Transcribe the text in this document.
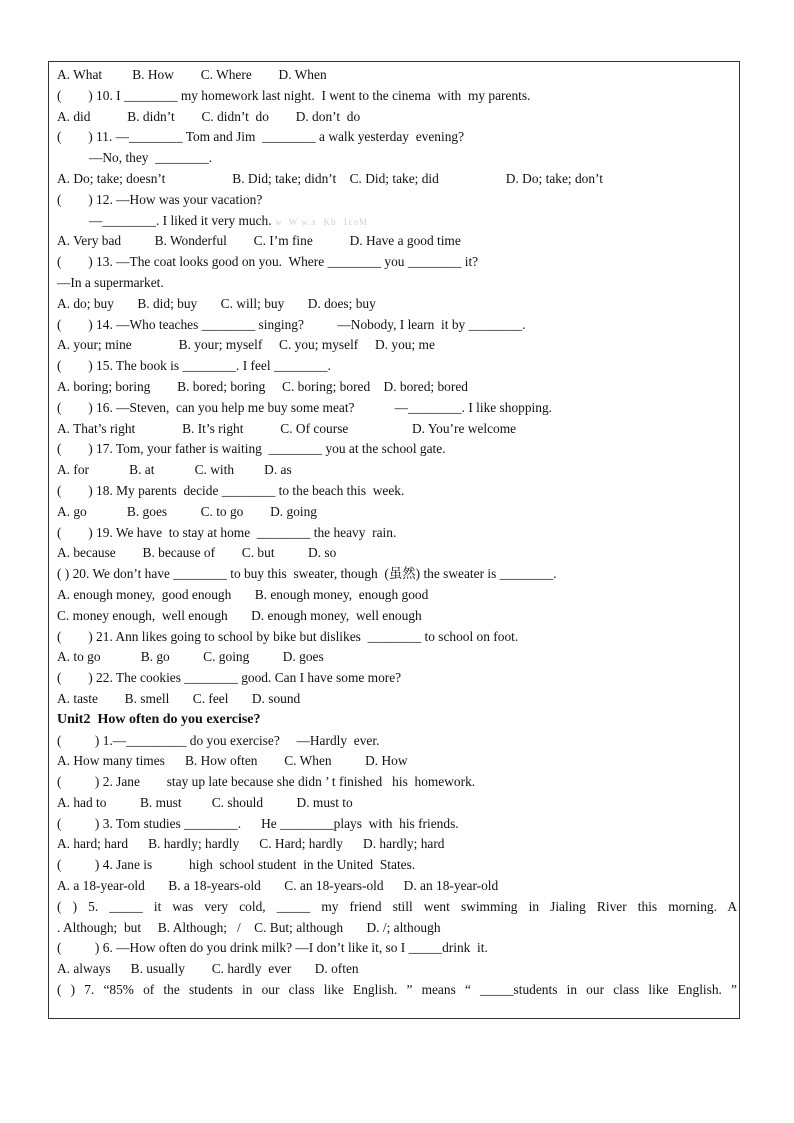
A. What         B. How        C. Where        D. When
(        ) 10. I ________ my homework last night.  I went to the cinema  with  my parents.
A. did           B. didn’t        C. didn’t  do        D. don’t  do
(        ) 11. —________ Tom and Jim  ________ a walk yesterday  evening?
—No, they  ________.
A. Do; take; doesn’t                    B. Did; take; didn’t    C. Did; take; did                    D. Do; take; don’t
(        ) 12. —How was your vacation?
—________. I liked it very much. w  W w.x  Kb  1coM
A. Very bad          B. Wonderful        C. I’m fine           D. Have a good time
(        ) 13. —The coat looks good on you.  Where ________ you ________ it?
—In a supermarket.
A. do; buy       B. did; buy       C. will; buy       D. does; buy
(        ) 14. —Who teaches ________ singing?          —Nobody, I learn  it by ________.
A. your; mine              B. your; myself     C. you; myself     D. you; me
(        ) 15. The book is ________. I feel ________.
A. boring; boring        B. bored; boring     C. boring; bored    D. bored; bored
(        ) 16. —Steven,  can you help me buy some meat?            —________. I like shopping.
A. That’s right              B. It’s right           C. Of course                   D. You’re welcome
(        ) 17. Tom, your father is waiting  ________ you at the school gate.
A. for            B. at            C. with         D. as
(        ) 18. My parents  decide ________ to the beach this  week.
A. go            B. goes          C. to go        D. going
(        ) 19. We have  to stay at home  ________ the heavy  rain.
A. because        B. because of        C. but          D. so
( ) 20. We don’t have ________ to buy this  sweater, though  (虽然) the sweater is ________.
A. enough money,  good enough       B. enough money,  enough good
C. money enough,  well enough       D. enough money,  well enough
(        ) 21. Ann likes going to school by bike but dislikes  ________ to school on foot.
A. to go            B. go          C. going          D. goes
(        ) 22. The cookies ________ good. Can I have some more?
A. taste        B. smell       C. feel       D. sound
Unit2  How often do you exercise?
(          ) 1.—_________ do you exercise?     —Hardly  ever.
A. How many times      B. How often        C. When          D. How
(          ) 2. Jane        stay up late because she didn ’ t finished   his  homework.
A. had to          B. must         C. should          D. must to
(          ) 3. Tom studies ________.      He ________plays  with  his friends.
A. hard; hard      B. hardly; hardly      C. Hard; hardly      D. hardly; hard
(          ) 4. Jane is           high  school student  in the United  States.
A. a 18-year-old       B. a 18-years-old       C. an 18-years-old      D. an 18-year-old
( ) 5. _____ it was very cold, _____ my friend still went swimming in Jialing River this morning. A
. Although;  but     B. Although;   /    C. But; although       D. /; although
(          ) 6. —How often do you drink milk? —I don’t like it, so I _____drink  it.
A. always      B. usually        C. hardly  ever       D. often
( ) 7. “85% of the students in our class like English. ” means “ _____students in our class like English. ”
